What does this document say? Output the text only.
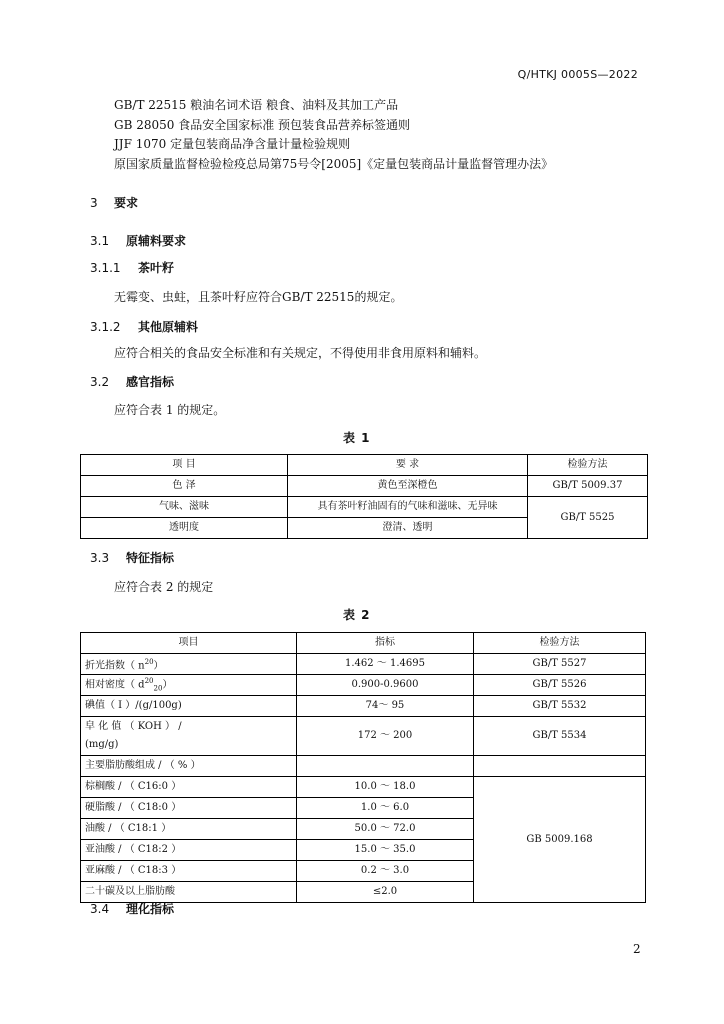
Q/HTKJ 0005S—2022
GB/T 22515 粮油名词术语 粮食、油料及其加工产品
GB 28050 食品安全国家标准 预包装食品营养标签通则
JJF 1070 定量包装商品净含量计量检验规则
原国家质量监督检验检疫总局第75号令[2005]《定量包装商品计量监督管理办法》
3 要求
3.1 原辅料要求
3.1.1 茶叶籽
无霉变、虫蛀，且茶叶籽应符合GB/T 22515的规定。
3.1.2 其他原辅料
应符合相关的食品安全标准和有关规定，不得使用非食用原料和辅料。
3.2 感官指标
应符合表 1 的规定。
表 1
项 目	要 求	检验方法
色 泽	黄色至深橙色	GB/T 5009.37
气味、滋味	具有茶叶籽油固有的气味和滋味、无异味	GB/T 5525
透明度	澄清、透明	
3.3 特征指标
应符合表 2 的规定
表 2
项目	指标	检验方法
折光指数（ $n^{20}$）	1.462 ～ 1.4695	GB/T 5527
相对密度（ $d^{20}_{20}$）	0.900-0.9600	GB/T 5526
碘值（ I ）/(g/100g)	74～ 95	GB/T 5532

皁 化 值 （ KOH ） /
(mg/g)	172 ～ 200	GB/T 5534
主要脂肪酸组成 / （ % ）		
棕榈酸 / （ C16:0 ）	10.0 ～ 18.0	GB 5009.168
硬脂酸 / （ C18:0 ）	1.0 ～ 6.0	
油酸 / （ C18:1 ）	50.0 ～ 72.0	
亚油酸 / （ C18:2 ）	15.0 ～ 35.0	
亚麻酸 / （ C18:3 ）	0.2 ～ 3.0	
二十碳及以上脂肪酸	≤2.0	
3.4 理化指标
2
